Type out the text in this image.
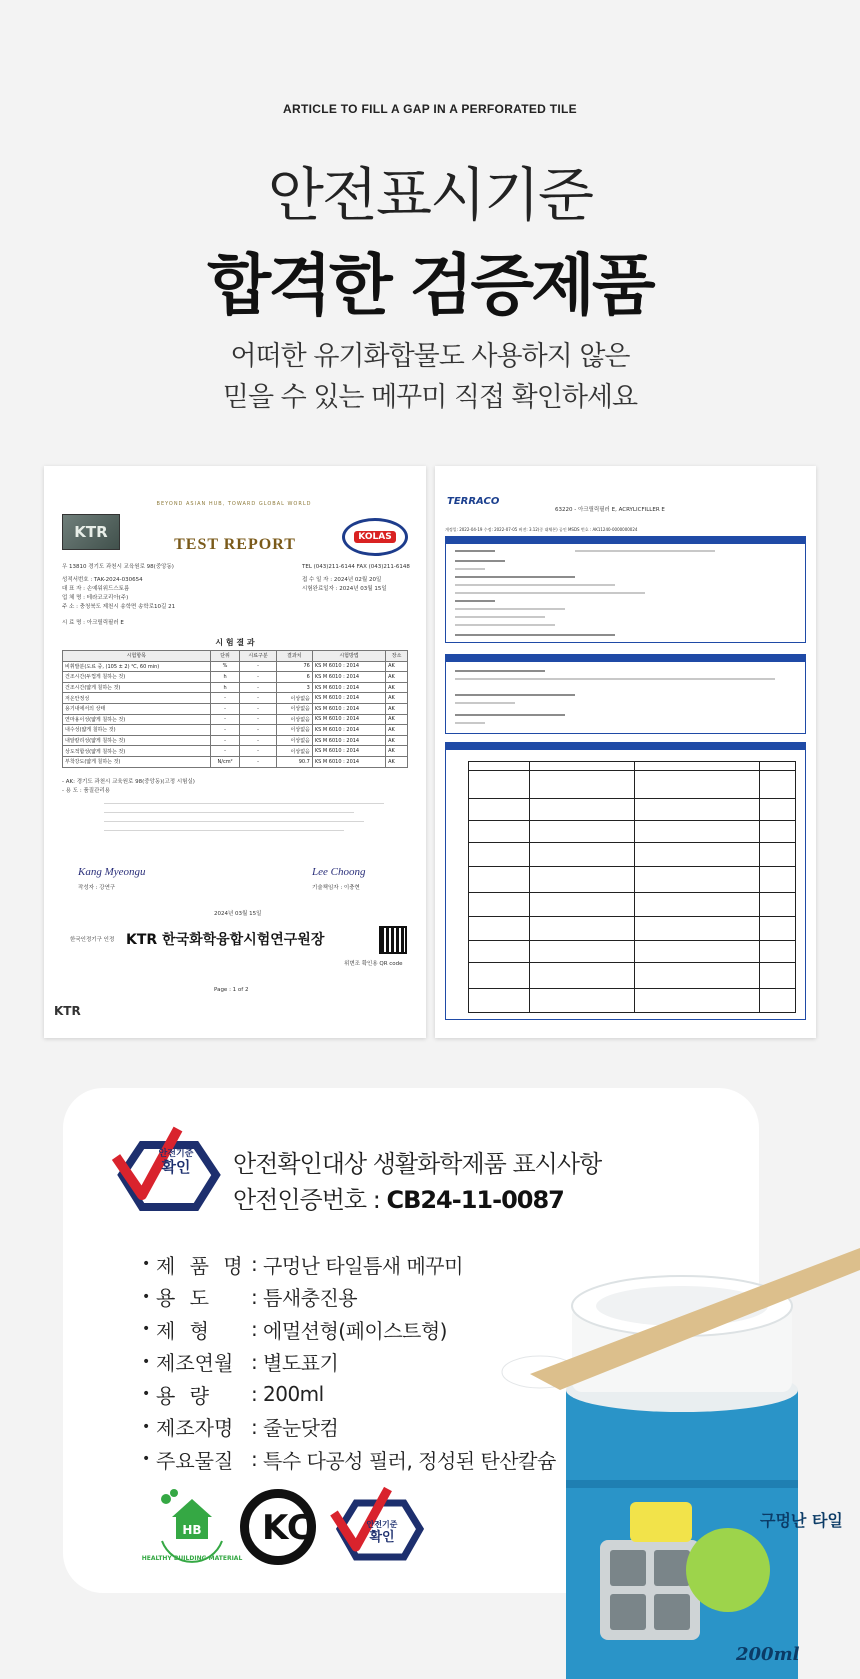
ARTICLE TO FILL A GAP IN A PERFORATED TILE
안전표시기준
합격한 검증제품
어떠한 유기화합물도 사용하지 않은
믿을 수 있는 메꾸미 직접 확인하세요
BEYOND ASIAN HUB, TOWARD GLOBAL WORLD
KTR
TEST REPORT	KOLAS
우 13810 경기도 과천시 교육원로 98(중앙동)	TEL (043)211-6144 FAX (043)211-6148
성적서번호 : TAK-2024-030654
대 표 자 : 손예워위드스토름
업 체 명 : 테라코코리아(주)
주 소 : 충청북도 제천시 송학면 송학로10길 21
접 수 일 자 : 2024년 02월 20일
시험완료일자 : 2024년 03월 15일
시 료 명 : 아크릴릭필러 E
시 험 결 과
시험항목	단위	시료구분	결과치	시험방법	장소
비휘발분(도료 중, (105 ± 2) ℃, 60 min)	%	-	76	KS M 6010 : 2014	AK
건조시간(두껍게 칠하는 것)	h	-	6	KS M 6010 : 2014	AK
건조시간(얇게 칠하는 것)	h	-	3	KS M 6010 : 2014	AK
저온안정성	-	-	이상없음	KS M 6010 : 2014	AK
용기내에서의 상태	-	-	이상없음	KS M 6010 : 2014	AK
연마용이성(얇게 칠하는 것)	-	-	이상없음	KS M 6010 : 2014	AK
내수성(얇게 칠하는 것)	-	-	이상없음	KS M 6010 : 2014	AK
내알칼리성(얇게 칠하는 것)	-	-	이상없음	KS M 6010 : 2014	AK
상도적합성(얇게 칠하는 것)	-	-	이상없음	KS M 6010 : 2014	AK
부착강도(얇게 칠하는 것)	N/cm²	-	90.7	KS M 6010 : 2014	AK
- AK: 경기도 과천시 교육원로 98(중앙동)(고정 시험실)
- 용 도 : 품질관리용
Kang Myeongu	Lee Choong
작성자 : 강연구	기술책임자 : 이충현
2024년 03월 15일
한국인정기구 인정 KTR 한국화학융합시험연구원장
위변조 확인용 QR code
Page : 1 of 2
KTR
TERRACO
63220 - 아크릴릭필러 E, ACRYLICFILLER E
개정일: 2022-04-19 수정: 2022-07-05 버전: 3.12(중 대체본) 공인 MSDS 번호 : AK11240-0000000024
안전기준
확인	안전확인대상 생활화학제품 표시사항
안전인증번호 : CB24-11-0087
• 제 품 명 : 구멍난 타일틈새 메꾸미
• 용 도	: 틈새충진용
• 제 형	: 에멀션형(페이스트형)
• 제조연월 : 별도표기
• 용 량	: 200ml
• 제조자명 : 줄눈닷컴
• 주요물질 : 특수 다공성 필러, 정성된 탄산칼슘
HB
HEALTHY BUILDING MATERIAL
KC	안전기준
확인
구멍난 타일
200ml
